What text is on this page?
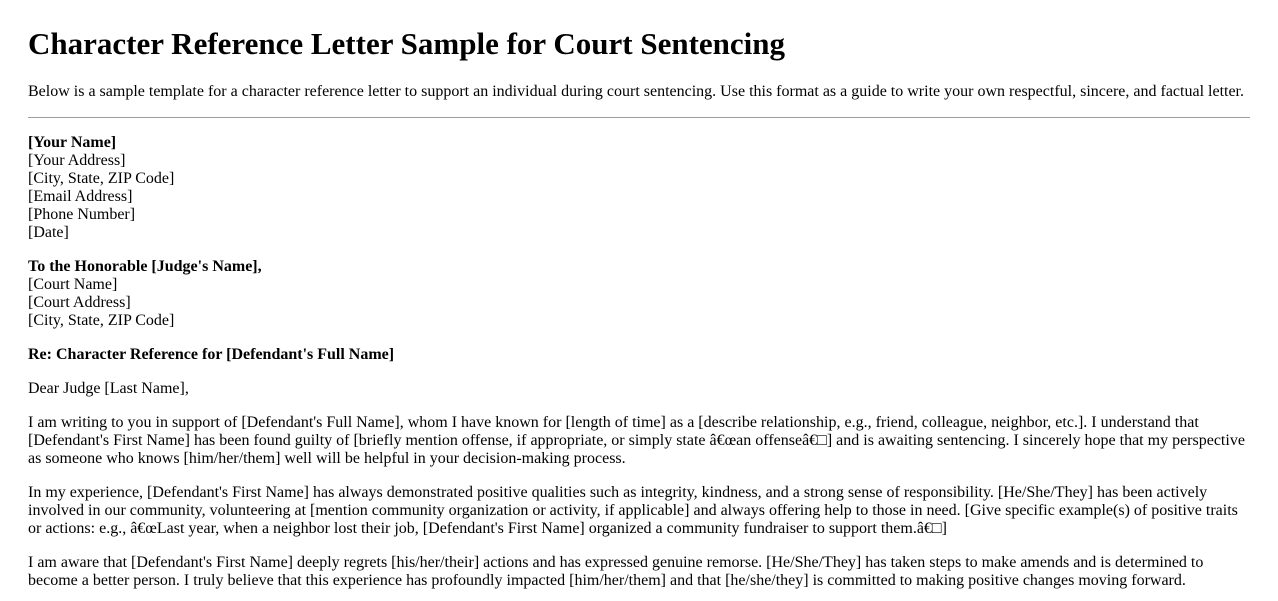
Character Reference Letter Sample for Court Sentencing

Below is a sample template for a character reference letter to support an individual during court sentencing. Use this format as a guide to write your own respectful, sincere, and factual letter.

[Your Name]
[Your Address]
[City, State, ZIP Code]
[Email Address]
[Phone Number]
[Date]

To the Honorable [Judge's Name],
[Court Name]
[Court Address]
[City, State, ZIP Code]

Re: Character Reference for [Defendant's Full Name]

Dear Judge [Last Name],

I am writing to you in support of [Defendant's Full Name], whom I have known for [length of time] as a [describe relationship, e.g., friend, colleague, neighbor, etc.]. I understand that [Defendant's First Name] has been found guilty of [briefly mention offense, if appropriate, or simply state â€œan offenseâ€□] and is awaiting sentencing. I sincerely hope that my perspective as someone who knows [him/her/them] well will be helpful in your decision-making process.

In my experience, [Defendant's First Name] has always demonstrated positive qualities such as integrity, kindness, and a strong sense of responsibility. [He/She/They] has been actively involved in our community, volunteering at [mention community organization or activity, if applicable] and always offering help to those in need. [Give specific example(s) of positive traits or actions: e.g., â€œLast year, when a neighbor lost their job, [Defendant's First Name] organized a community fundraiser to support them.â€□]

I am aware that [Defendant's First Name] deeply regrets [his/her/their] actions and has expressed genuine remorse. [He/She/They] has taken steps to make amends and is determined to become a better person. I truly believe that this experience has profoundly impacted [him/her/them] and that [he/she/they] is committed to making positive changes moving forward.
